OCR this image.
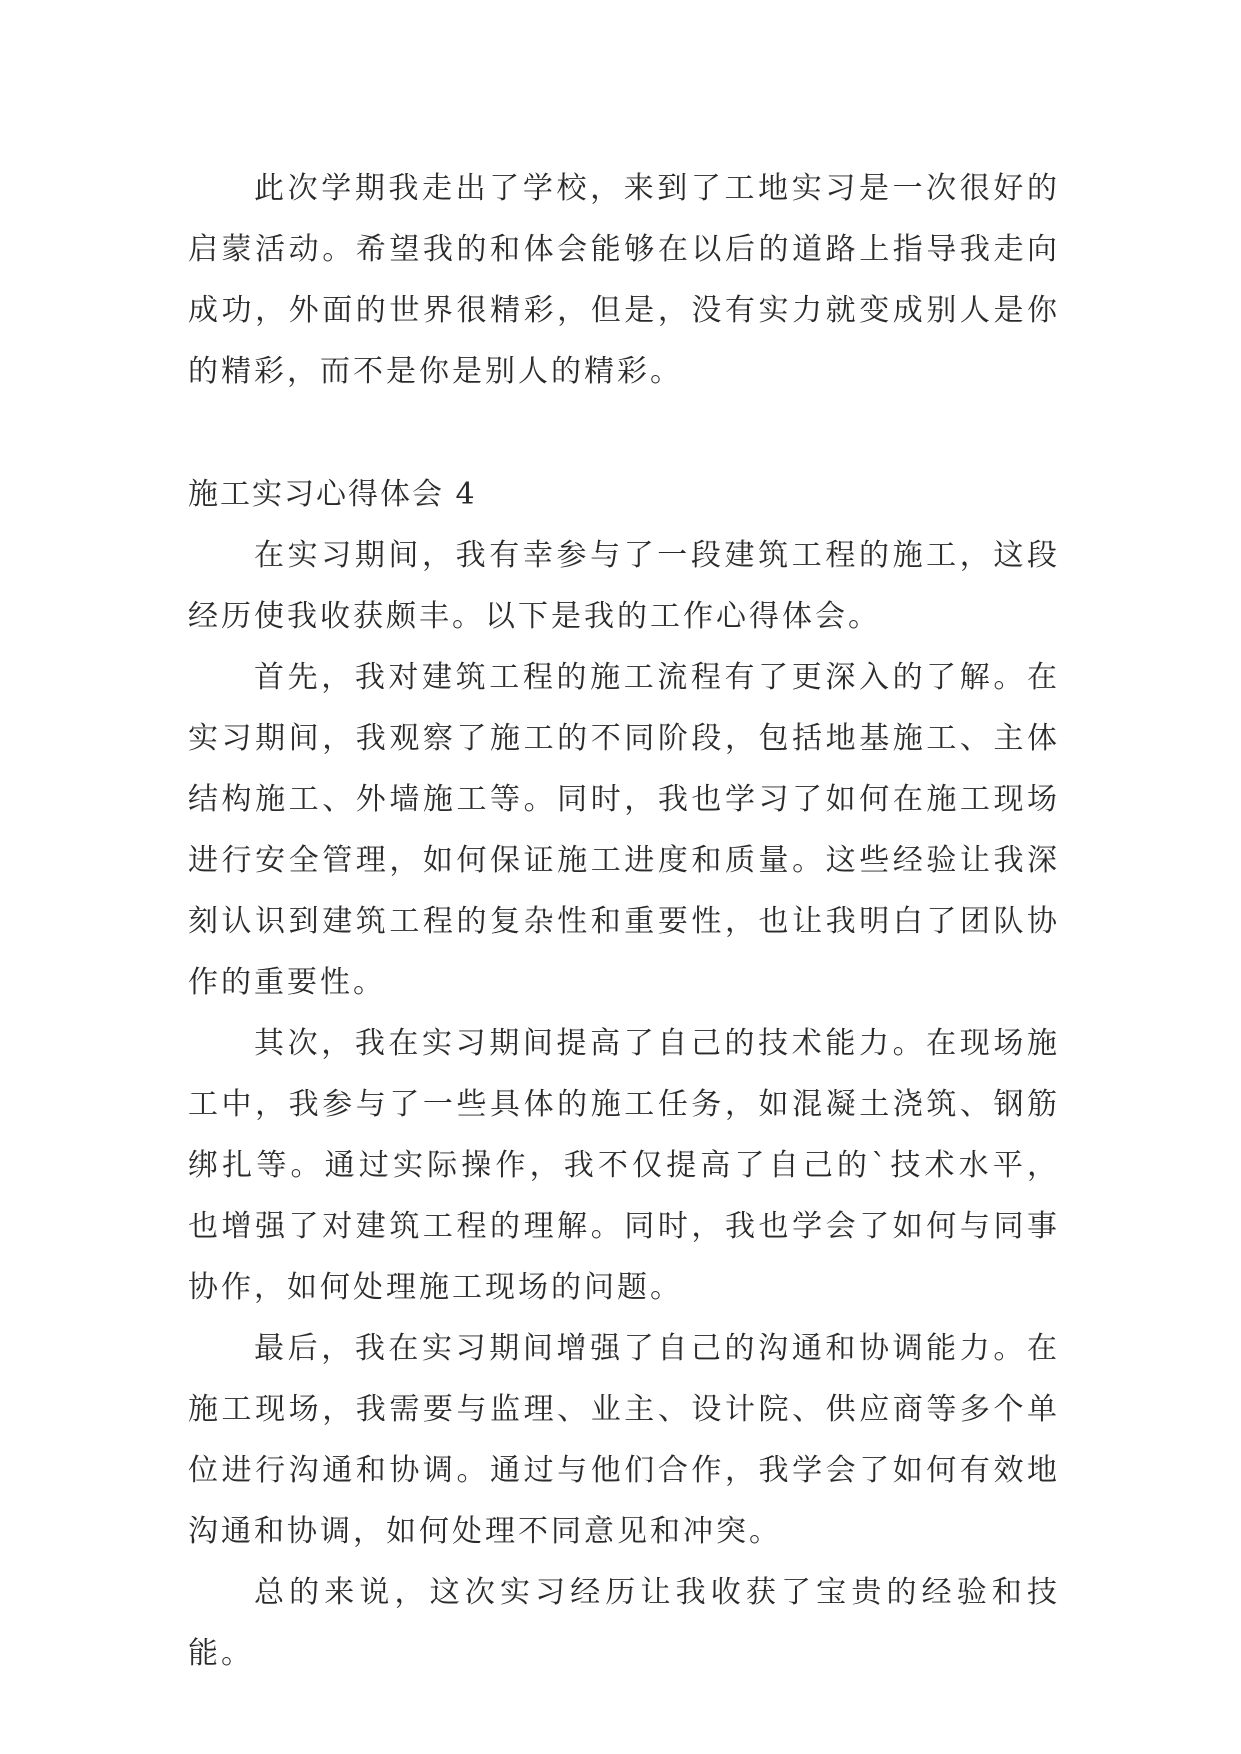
此次学期我走出了学校，来到了工地实习是一次很好的启蒙活动。希望我的和体会能够在以后的道路上指导我走向成功，外面的世界很精彩，但是，没有实力就变成别人是你的精彩，而不是你是别人的精彩。

施工实习心得体会 4

在实习期间，我有幸参与了一段建筑工程的施工，这段经历使我收获颇丰。以下是我的工作心得体会。

首先，我对建筑工程的施工流程有了更深入的了解。在实习期间，我观察了施工的不同阶段，包括地基施工、主体结构施工、外墙施工等。同时，我也学习了如何在施工现场进行安全管理，如何保证施工进度和质量。这些经验让我深刻认识到建筑工程的复杂性和重要性，也让我明白了团队协作的重要性。

其次，我在实习期间提高了自己的技术能力。在现场施工中，我参与了一些具体的施工任务，如混凝土浇筑、钢筋绑扎等。通过实际操作，我不仅提高了自己的`技术水平，也增强了对建筑工程的理解。同时，我也学会了如何与同事协作，如何处理施工现场的问题。

最后，我在实习期间增强了自己的沟通和协调能力。在施工现场，我需要与监理、业主、设计院、供应商等多个单位进行沟通和协调。通过与他们合作，我学会了如何有效地沟通和协调，如何处理不同意见和冲突。

总的来说，这次实习经历让我收获了宝贵的经验和技能。
